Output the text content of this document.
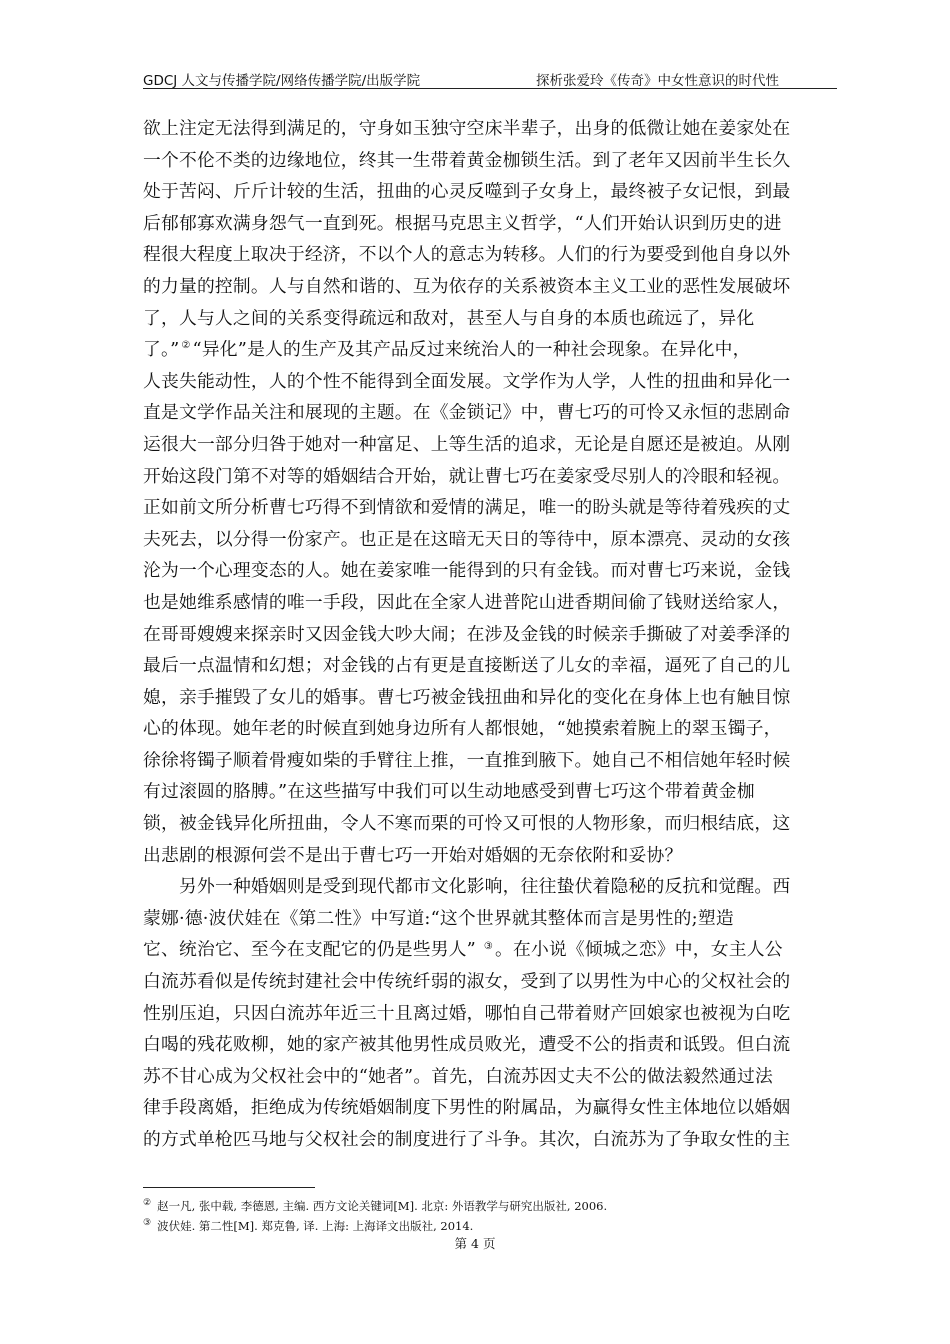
GDCJ 人文与传播学院/网络传播学院/出版学院	探析张爱玲《传奇》中女性意识的时代性
欲上注定无法得到满足的，守身如玉独守空床半辈子，出身的低微让她在姜家处在
一个不伦不类的边缘地位，终其一生带着黄金枷锁生活。到了老年又因前半生长久
处于苦闷、斤斤计较的生活，扭曲的心灵反噬到子女身上，最终被子女记恨，到最
后郁郁寡欢满身怨气一直到死。根据马克思主义哲学，“人们开始认识到历史的进
程很大程度上取决于经济，不以个人的意志为转移。人们的行为要受到他自身以外
的力量的控制。人与自然和谐的、互为依存的关系被资本主义工业的恶性发展破坏
了，人与人之间的关系变得疏远和敌对，甚至人与自身的本质也疏远了，异化
了。” ② “异化”是人的生产及其产品反过来统治人的一种社会现象。在异化中，
人丧失能动性，人的个性不能得到全面发展。文学作为人学，人性的扭曲和异化一
直是文学作品关注和展现的主题。在《金锁记》中，曹七巧的可怜又永恒的悲剧命
运很大一部分归咎于她对一种富足、上等生活的追求，无论是自愿还是被迫。从刚
开始这段门第不对等的婚姻结合开始，就让曹七巧在姜家受尽别人的冷眼和轻视。
正如前文所分析曹七巧得不到情欲和爱情的满足，唯一的盼头就是等待着残疾的丈
夫死去，以分得一份家产。也正是在这暗无天日的等待中，原本漂亮、灵动的女孩
沦为一个心理变态的人。她在姜家唯一能得到的只有金钱。而对曹七巧来说，金钱
也是她维系感情的唯一手段，因此在全家人进普陀山进香期间偷了钱财送给家人，
在哥哥嫂嫂来探亲时又因金钱大吵大闹；在涉及金钱的时候亲手撕破了对姜季泽的
最后一点温情和幻想；对金钱的占有更是直接断送了儿女的幸福，逼死了自己的儿
媳，亲手摧毁了女儿的婚事。曹七巧被金钱扭曲和异化的变化在身体上也有触目惊
心的体现。她年老的时候直到她身边所有人都恨她，“她摸索着腕上的翠玉镯子，
徐徐将镯子顺着骨瘦如柴的手臂往上推，一直推到腋下。她自己不相信她年轻时候
有过滚圆的胳膊。”在这些描写中我们可以生动地感受到曹七巧这个带着黄金枷
锁，被金钱异化所扭曲，令人不寒而栗的可怜又可恨的人物形象，而归根结底，这
出悲剧的根源何尝不是出于曹七巧一开始对婚姻的无奈依附和妥协？
另外一种婚姻则是受到现代都市文化影响，往往蛰伏着隐秘的反抗和觉醒。西
蒙娜·德·波伏娃在《第二性》中写道:“这个世界就其整体而言是男性的;塑造
它、统治它、至今在支配它的仍是些男人” ③ 。在小说《倾城之恋》中，女主人公
白流苏看似是传统封建社会中传统纤弱的淑女，受到了以男性为中心的父权社会的
性别压迫，只因白流苏年近三十且离过婚，哪怕自己带着财产回娘家也被视为白吃
白喝的残花败柳，她的家产被其他男性成员败光，遭受不公的指责和诋毁。但白流
苏不甘心成为父权社会中的“她者”。首先，白流苏因丈夫不公的做法毅然通过法
律手段离婚，拒绝成为传统婚姻制度下男性的附属品，为赢得女性主体地位以婚姻
的方式单枪匹马地与父权社会的制度进行了斗争。其次，白流苏为了争取女性的主
② 赵一凡, 张中载, 李德恩, 主编. 西方文论关键词[M]. 北京: 外语教学与研究出版社, 2006.
③ 波伏娃. 第二性[M]. 郑克鲁, 译. 上海: 上海译文出版社, 2014.
第 4 页
